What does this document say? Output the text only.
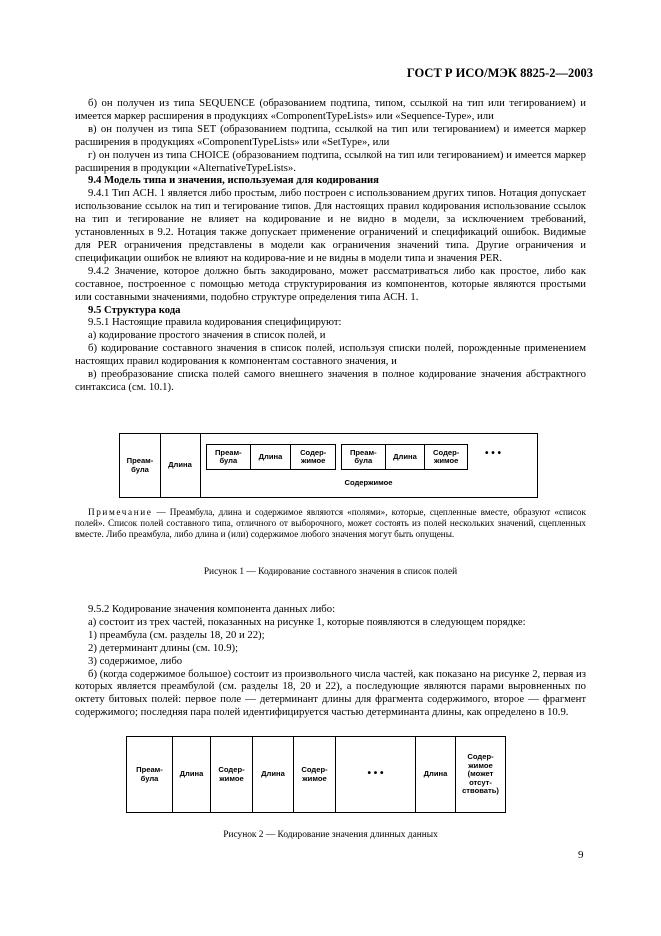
ГОСТ Р ИСО/МЭК 8825-2—2003

б) он получен из типа SEQUENCE (образованием подтипа, типом, ссылкой на тип или тегированием) и имеется маркер расширения в продукциях «ComponentTypeLists» или «Sequence-Type», или

в) он получен из типа SET (образованием подтипа, ссылкой на тип или тегированием) и имеется маркер расширения в продукциях «ComponentTypeLists» или «SetType», или

г) он получен из типа CHOICE (образованием подтипа, ссылкой на тип или тегированием) и имеется маркер расширения в продукции «AlternativeTypeLists».

9.4 Модель типа и значения, используемая для кодирования

9.4.1 Тип АСН. 1 является либо простым, либо построен с использованием других типов. Нотация допускает использование ссылок на тип и тегирование типов. Для настоящих правил кодирования использование ссылок на тип и тегирование не влияет на кодирование и не видно в модели, за исключением требований, установленных в 9.2. Нотация также допускает применение ограничений и спецификаций ошибок. Видимые для PER ограничения представлены в модели как ограничения значений типа. Другие ограничения и спецификации ошибок не влияют на кодирова-ние и не видны в модели типа и значения PER.

9.4.2 Значение, которое должно быть закодировано, может рассматриваться либо как простое, либо как составное, построенное с помощью метода структурирования из компонентов, которые являются простыми или составными значениями, подобно структуре определения типа АСН. 1.

9.5 Структура кода

9.5.1 Настоящие правила кодирования специфицируют:

а) кодирование простого значения в список полей, и

б) кодирование составного значения в список полей, используя списки полей, порожденные применением настоящих правил кодирования к компонентам составного значения, и

в) преобразование списка полей самого внешнего значения в полное кодирование значения абстрактного синтаксиса (см. 10.1).

Преам-
була	Длина
Преам-
була	Длина	Содер-
жимое
Преам-
була	Длина	Содер-
жимое
• • •
Содержимое
Примечание — Преамбула, длина и содержимое являются «полями», которые, сцепленные вместе, образуют «список полей». Список полей составного типа, отличного от выборочного, может состоять из полей нескольких значений, сцепленных вместе. Либо преамбула, либо длина и (или) содержимое любого значения могут быть опущены.
Рисунок 1 — Кодирование составного значения в список полей

9.5.2 Кодирование значения компонента данных либо:

а) состоит из трех частей, показанных на рисунке 1, которые появляются в следующем порядке:

1) преамбула (см. разделы 18, 20 и 22);

2) детерминант длины (см. 10.9);

3) содержимое, либо

б) (когда содержимое большое) состоит из произвольного числа частей, как показано на рисунке 2, первая из которых является преамбулой (см. разделы 18, 20 и 22), а последующие являются парами выровненных по октету битовых полей: первое поле — детерминант длины для фрагмента содержимого, второе — фрагмент содержимого; последняя пара полей идентифицируется частью детерминанта длины, как определено в 10.9.

Преам-
була	Длина	Содер-
жимое	Длина	Содер-
жимое	• • •	Длина
Содер-
жимое
(может
отсут-
ствовать)
Рисунок 2 — Кодирование значения длинных данных
9
